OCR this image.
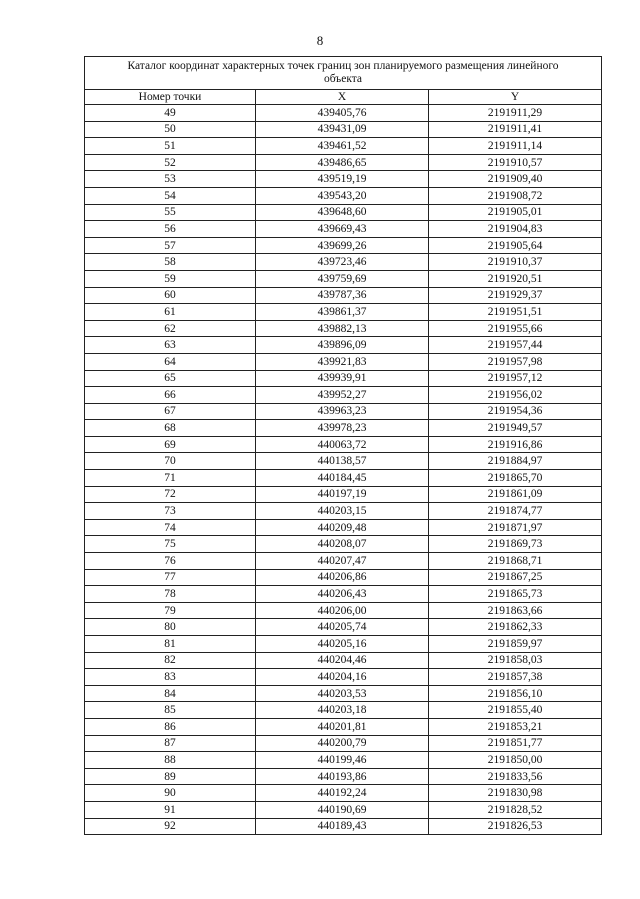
8
Каталог координат характерных точек границ зон планируемого размещения линейного объекта		
Номер точки	X	Y
49	439405,76	2191911,29
50	439431,09	2191911,41
51	439461,52	2191911,14
52	439486,65	2191910,57
53	439519,19	2191909,40
54	439543,20	2191908,72
55	439648,60	2191905,01
56	439669,43	2191904,83
57	439699,26	2191905,64
58	439723,46	2191910,37
59	439759,69	2191920,51
60	439787,36	2191929,37
61	439861,37	2191951,51
62	439882,13	2191955,66
63	439896,09	2191957,44
64	439921,83	2191957,98
65	439939,91	2191957,12
66	439952,27	2191956,02
67	439963,23	2191954,36
68	439978,23	2191949,57
69	440063,72	2191916,86
70	440138,57	2191884,97
71	440184,45	2191865,70
72	440197,19	2191861,09
73	440203,15	2191874,77
74	440209,48	2191871,97
75	440208,07	2191869,73
76	440207,47	2191868,71
77	440206,86	2191867,25
78	440206,43	2191865,73
79	440206,00	2191863,66
80	440205,74	2191862,33
81	440205,16	2191859,97
82	440204,46	2191858,03
83	440204,16	2191857,38
84	440203,53	2191856,10
85	440203,18	2191855,40
86	440201,81	2191853,21
87	440200,79	2191851,77
88	440199,46	2191850,00
89	440193,86	2191833,56
90	440192,24	2191830,98
91	440190,69	2191828,52
92	440189,43	2191826,53
